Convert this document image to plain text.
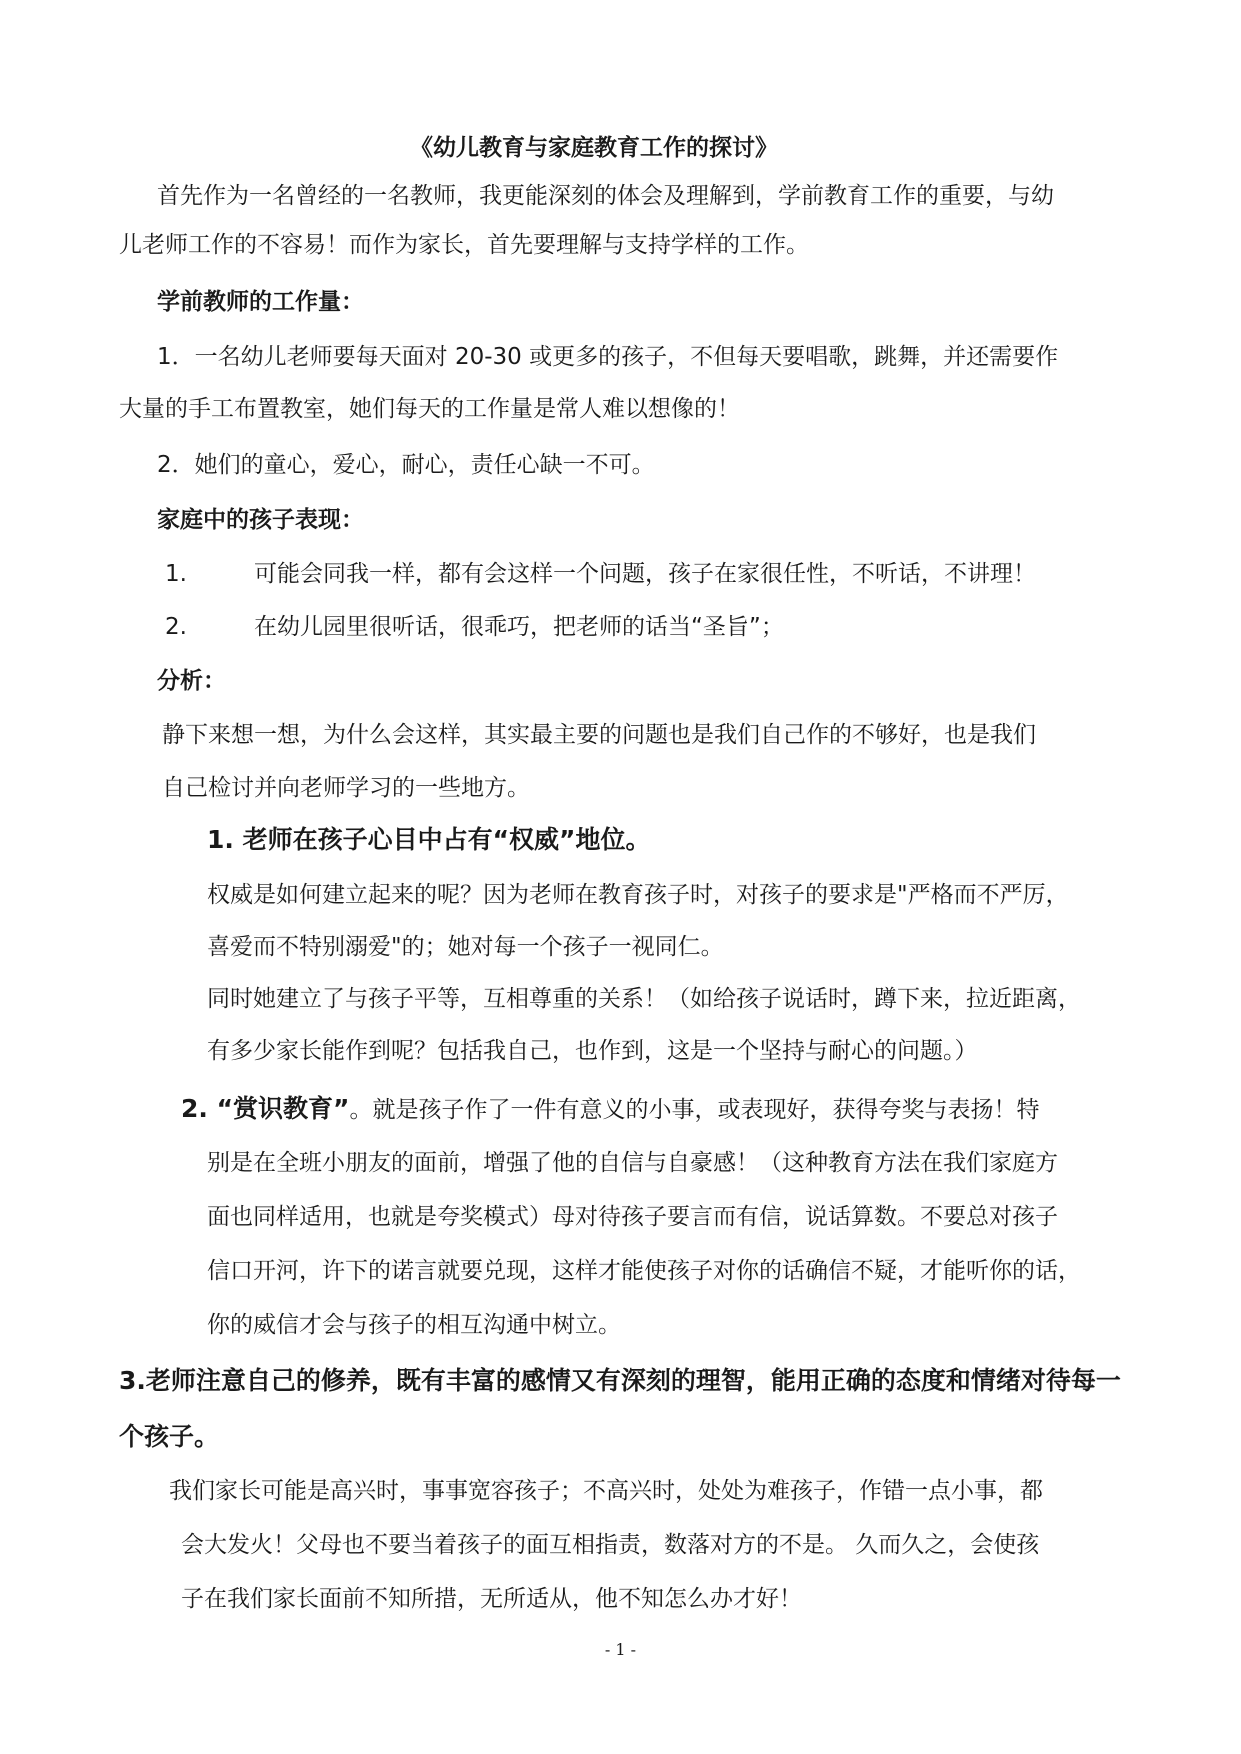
《幼儿教育与家庭教育工作的探讨》
首先作为一名曾经的一名教师，我更能深刻的体会及理解到，学前教育工作的重要，与幼
儿老师工作的不容易！而作为家长，首先要理解与支持学样的工作。
学前教师的工作量：
1．一名幼儿老师要每天面对 20-30 或更多的孩子，不但每天要唱歌，跳舞，并还需要作
大量的手工布置教室，她们每天的工作量是常人难以想像的！
2．她们的童心，爱心，耐心，责任心缺一不可。
家庭中的孩子表现：
1.	可能会同我一样，都有会这样一个问题，孩子在家很任性，不听话，不讲理！
2.	在幼儿园里很听话，很乖巧，把老师的话当“圣旨”；
分析：
静下来想一想，为什么会这样，其实最主要的问题也是我们自己作的不够好，也是我们
自己检讨并向老师学习的一些地方。
1. 老师在孩子心目中占有“权威”地位。
权威是如何建立起来的呢？因为老师在教育孩子时，对孩子的要求是"严格而不严厉，
喜爱而不特别溺爱"的；她对每一个孩子一视同仁。
同时她建立了与孩子平等，互相尊重的关系！（如给孩子说话时，蹲下来，拉近距离，
有多少家长能作到呢？包括我自己，也作到，这是一个坚持与耐心的问题。）
2. “赏识教育”。就是孩子作了一件有意义的小事，或表现好，获得夸奖与表扬！特
别是在全班小朋友的面前，增强了他的自信与自豪感！（这种教育方法在我们家庭方
面也同样适用，也就是夸奖模式）母对待孩子要言而有信，说话算数。不要总对孩子
信口开河，许下的诺言就要兑现，这样才能使孩子对你的话确信不疑，才能听你的话，
你的威信才会与孩子的相互沟通中树立。
3.老师注意自己的修养，既有丰富的感情又有深刻的理智，能用正确的态度和情绪对待每一
个孩子。
我们家长可能是高兴时，事事宽容孩子；不高兴时，处处为难孩子，作错一点小事，都
会大发火！父母也不要当着孩子的面互相指责，数落对方的不是。 久而久之，会使孩
子在我们家长面前不知所措，无所适从，他不知怎么办才好！
- 1 -
